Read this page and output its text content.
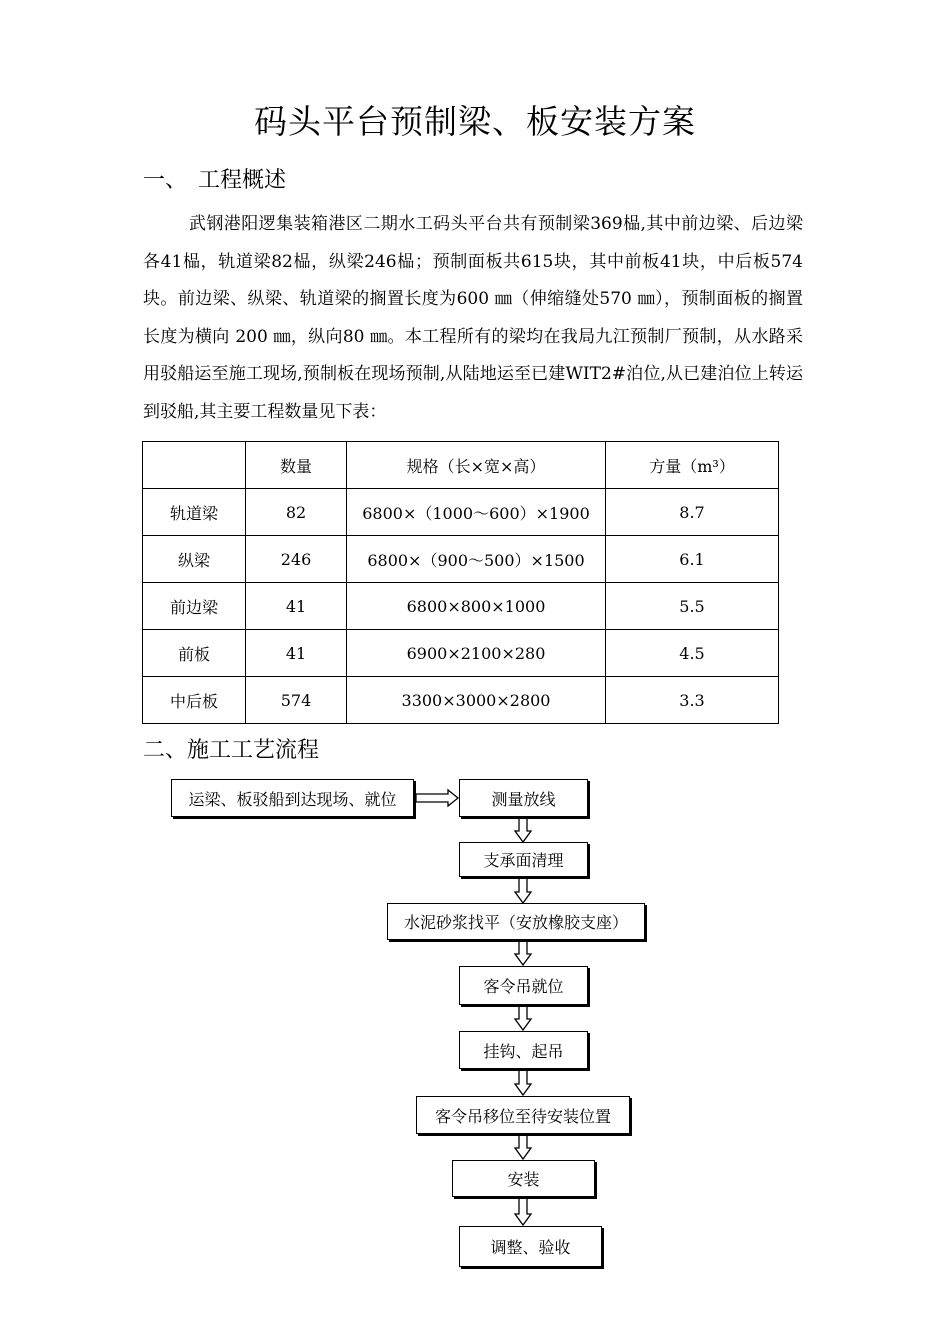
码头平台预制梁、板安装方案
一、　工程概述

武钢港阳逻集装箱港区二期水工码头平台共有预制梁369榀,其中前边梁、后边梁各41榀，轨道梁82榀，纵梁246榀；预制面板共615块，其中前板41块，中后板574块。前边梁、纵梁、轨道梁的搁置长度为600 ㎜（伸缩缝处570 ㎜），预制面板的搁置长度为横向 200 ㎜，纵向80 ㎜。本工程所有的梁均在我局九江预制厂预制，从水路采用驳船运至施工现场,预制板在现场预制,从陆地运至已建WIT2#泊位,从已建泊位上转运到驳船,其主要工程数量见下表：

	数量	规格（长×宽×高）	方量（m³）
轨道梁	82	6800×（1000～600）×1900	8.7
纵梁	246	6800×（900～500）×1500	6.1
前边梁	41	6800×800×1000	5.5
前板	41	6900×2100×280	4.5
中后板	574	3300×3000×2800	3.3
二、施工工艺流程
运梁、板驳船到达现场、就位	测量放线
支承面清理
水泥砂浆找平（安放橡胶支座）
客令吊就位
挂钩、起吊
客令吊移位至待安装位置
安装
调整、验收
